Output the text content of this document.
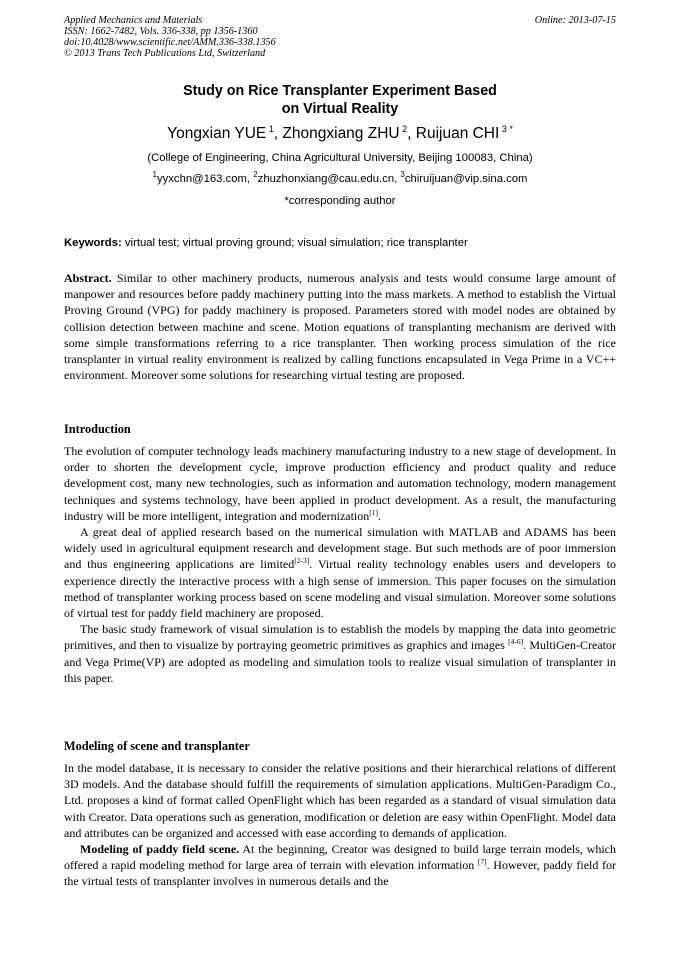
Applied Mechanics and Materials	Online: 2013-07-15
ISSN: 1662-7482, Vols. 336-338, pp 1356-1360
doi:10.4028/www.scientific.net/AMM.336-338.1356
© 2013 Trans Tech Publications Ltd, Switzerland
Study on Rice Transplanter Experiment Based
on Virtual Reality
Yongxian YUE $^1$, Zhongxiang ZHU $^2$, Ruijuan CHI $^{3 *}$
(College of Engineering, China Agricultural University, Beijing 100083, China)
$^1$yyxchn@163.com, $^2$zhuzhonxiang@cau.edu.cn, $^3$chiruijuan@vip.sina.com
*corresponding author
Keywords: virtual test; virtual proving ground; visual simulation; rice transplanter

Abstract. Similar to other machinery products, numerous analysis and tests would consume large amount of manpower and resources before paddy machinery putting into the mass markets. A method to establish the Virtual Proving Ground (VPG) for paddy machinery is proposed. Parameters stored with model nodes are obtained by collision detection between machine and scene. Motion equations of transplanting mechanism are derived with some simple transformations referring to a rice transplanter. Then working process simulation of the rice transplanter in virtual reality environment is realized by calling functions encapsulated in Vega Prime in a VC++ environment. Moreover some solutions for researching virtual testing are proposed.

Introduction

The evolution of computer technology leads machinery manufacturing industry to a new stage of development. In order to shorten the development cycle, improve production efficiency and product quality and reduce development cost, many new technologies, such as information and automation technology, modern management techniques and systems technology, have been applied in product development. As a result, the manufacturing industry will be more intelligent, integration and modernization[1].

A great deal of applied research based on the numerical simulation with MATLAB and ADAMS has been widely used in agricultural equipment research and development stage. But such methods are of poor immersion and thus engineering applications are limited[2-3]. Virtual reality technology enables users and developers to experience directly the interactive process with a high sense of immersion. This paper focuses on the simulation method of transplanter working process based on scene modeling and visual simulation. Moreover some solutions of virtual test for paddy field machinery are proposed.

The basic study framework of visual simulation is to establish the models by mapping the data into geometric primitives, and then to visualize by portraying geometric primitives as graphics and images [4-6]. MultiGen-Creator and Vega Prime(VP) are adopted as modeling and simulation tools to realize visual simulation of transplanter in this paper.

Modeling of scene and transplanter

In the model database, it is necessary to consider the relative positions and their hierarchical relations of different 3D models. And the database should fulfill the requirements of simulation applications. MultiGen-Paradigm Co., Ltd. proposes a kind of format called OpenFlight which has been regarded as a standard of visual simulation data with Creator. Data operations such as generation, modification or deletion are easy within OpenFlight. Model data and attributes can be organized and accessed with ease according to demands of application.

Modeling of paddy field scene. At the beginning, Creator was designed to build large terrain models, which offered a rapid modeling method for large area of terrain with elevation information [7]. However, paddy field for the virtual tests of transplanter involves in numerous details and the
